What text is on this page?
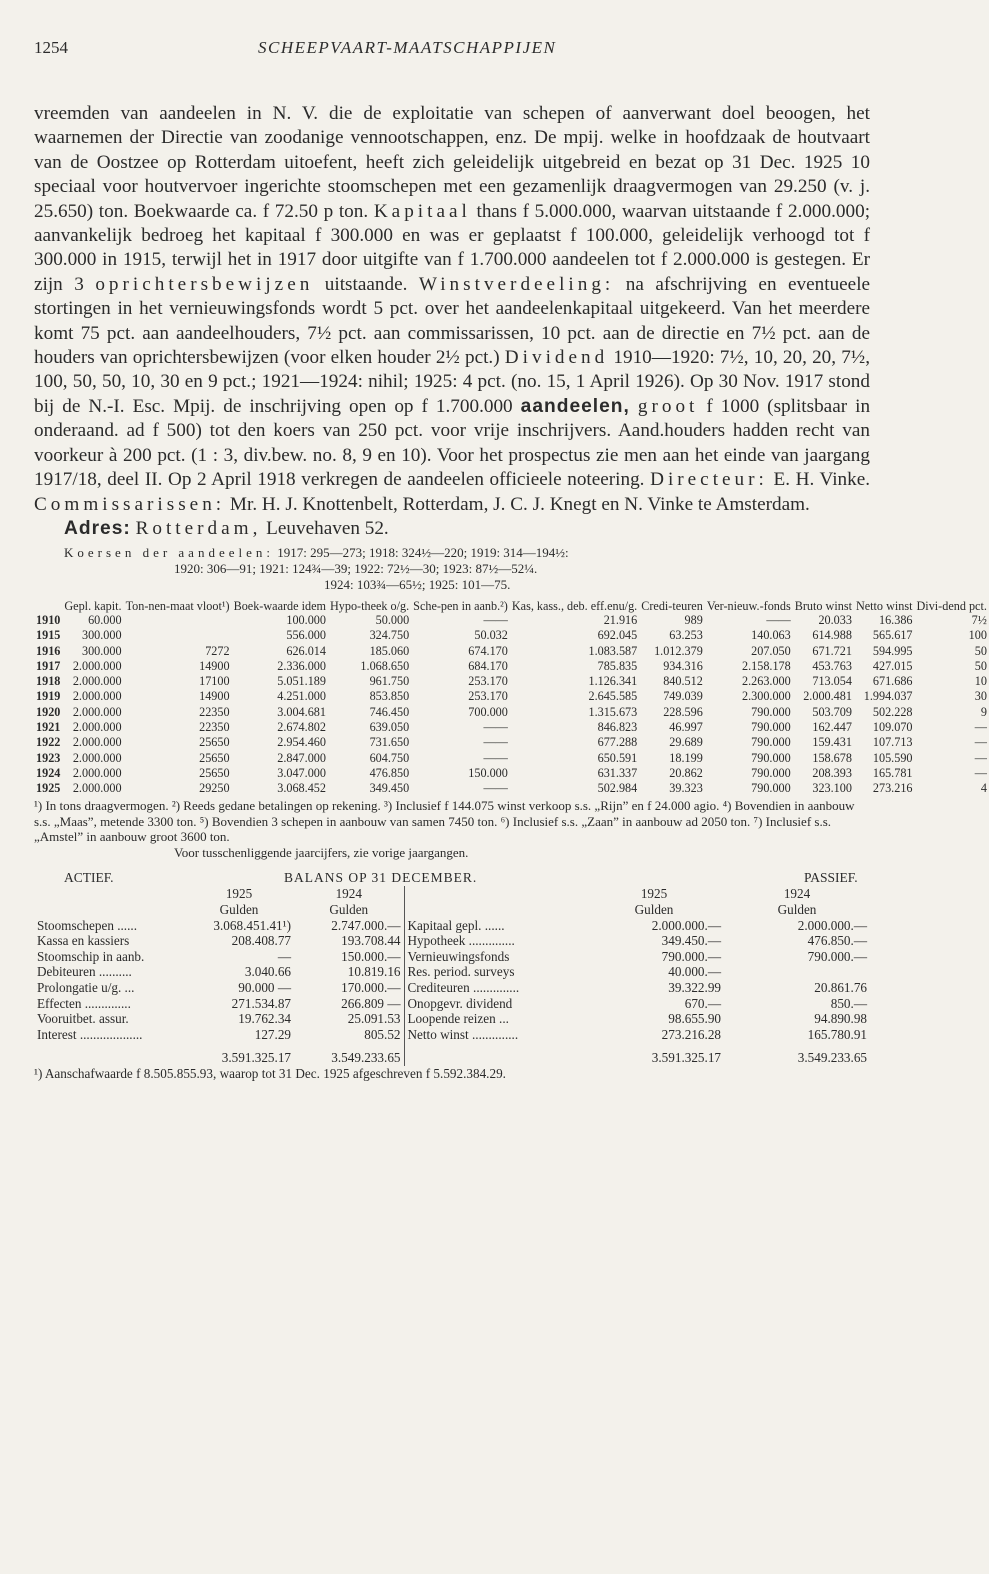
1254	SCHEEPVAART-MAATSCHAPPIJEN

vreemden van aandeelen in N. V. die de exploitatie van schepen of aanverwant doel beoogen, het waarnemen der Directie van zoodanige vennootschappen, enz. De mpij. welke in hoofdzaak de houtvaart van de Oostzee op Rotterdam uitoefent, heeft zich geleidelijk uitgebreid en bezat op 31 Dec. 1925 10 speciaal voor houtvervoer ingerichte stoomschepen met een gezamenlijk draagvermogen van 29.250 (v. j. 25.650) ton. Boekwaarde ca. f 72.50 p ton. Kapitaal thans f 5.000.000, waarvan uitstaande f 2.000.000; aanvankelijk bedroeg het kapitaal f 300.000 en was er geplaatst f 100.000, geleidelijk verhoogd tot f 300.000 in 1915, terwijl het in 1917 door uitgifte van f 1.700.000 aandeelen tot f 2.000.000 is gestegen. Er zijn 3 oprichtersbewijzen uitstaande. Winstverdeeling: na afschrijving en eventueele stortingen in het vernieuwingsfonds wordt 5 pct. over het aandeelenkapitaal uitgekeerd. Van het meerdere komt 75 pct. aan aandeelhouders, 7½ pct. aan commissarissen, 10 pct. aan de directie en 7½ pct. aan de houders van oprichtersbewijzen (voor elken houder 2½ pct.) Dividend 1910—1920: 7½, 10, 20, 20, 7½, 100, 50, 50, 10, 30 en 9 pct.; 1921—1924: nihil; 1925: 4 pct. (no. 15, 1 April 1926). Op 30 Nov. 1917 stond bij de N.-I. Esc. Mpij. de inschrijving open op f 1.700.000 aandeelen, groot f 1000 (splitsbaar in onderaand. ad f 500) tot den koers van 250 pct. voor vrije inschrijvers. Aand.houders hadden recht van voorkeur à 200 pct. (1 : 3, div.bew. no. 8, 9 en 10). Voor het prospectus zie men aan het einde van jaargang 1917/18, deel II. Op 2 April 1918 verkregen de aandeelen officieele noteering. Directeur: E. H. Vinke. Commissarissen: Mr. H. J. Knottenbelt, Rotterdam, J. C. J. Knegt en N. Vinke te Amsterdam.

Adres: Rotterdam, Leuvehaven 52.
Koersen der aandeelen: 1917: 295—273; 1918: 324½—220; 1919: 314—194½:
1920: 306—91; 1921: 124¾—39; 1922: 72½—30; 1923: 87½—52¼.
1924: 103¾—65½; 1925: 101—75.
	Gepl. kapit.	Ton-nen-maat vloot¹)	Boek-waarde idem	Hypo-theek o/g.	Sche-pen in aanb.²)	Kas, kass., deb. eff.enu/g.	Credi-teuren	Ver-nieuw.-fonds	Bruto winst	Netto winst	Divi-dend pct.
1910	60.000		100.000	50.000	——	21.916	989	——	20.033	16.386	7½
1915	300.000		556.000	324.750	50.032	692.045	63.253	140.063	614.988	565.617	100
1916	300.000	7272	626.014	185.060	674.170	1.083.587	1.012.379	207.050	671.721	594.995	50
1917	2.000.000	14900	2.336.000	1.068.650	684.170	785.835	934.316	2.158.178	453.763	427.015	50
1918	2.000.000	17100	5.051.189	961.750	253.170	1.126.341	840.512	2.263.000	713.054	671.686	10
1919	2.000.000	14900	4.251.000	853.850	253.170	2.645.585	749.039	2.300.000	2.000.481	1.994.037	30
1920	2.000.000	22350	3.004.681	746.450	700.000	1.315.673	228.596	790.000	503.709	502.228	9
1921	2.000.000	22350	2.674.802	639.050	——	846.823	46.997	790.000	162.447	109.070	—
1922	2.000.000	25650	2.954.460	731.650	——	677.288	29.689	790.000	159.431	107.713	—
1923	2.000.000	25650	2.847.000	604.750	——	650.591	18.199	790.000	158.678	105.590	—
1924	2.000.000	25650	3.047.000	476.850	150.000	631.337	20.862	790.000	208.393	165.781	—
1925	2.000.000	29250	3.068.452	349.450	——	502.984	39.323	790.000	323.100	273.216	4

¹) In tons draagvermogen. ²) Reeds gedane betalingen op rekening. ³) Inclusief f 144.075 winst verkoop s.s. „Rijn” en f 24.000 agio. ⁴) Bovendien in aanbouw s.s. „Maas”, metende 3300 ton. ⁵) Bovendien 3 schepen in aanbouw van samen 7450 ton. ⁶) Inclusief s.s. „Zaan” in aanbouw ad 2050 ton. ⁷) Inclusief s.s. „Amstel” in aanbouw groot 3600 ton.

Voor tusschenliggende jaarcijfers, zie vorige jaargangen.

ACTIEF.	BALANS OP 31 DECEMBER.	PASSIEF.
	1925	1924		1925	1924
	Gulden	Gulden		Gulden	Gulden
Stoomschepen ......	3.068.451.41¹)	2.747.000.—	Kapitaal gepl. ......	2.000.000.—	2.000.000.—
Kassa en kassiers	208.408.77	193.708.44	Hypotheek ..............	349.450.—	476.850.—
Stoomschip in aanb.	—	150.000.—	Vernieuwingsfonds	790.000.—	790.000.—
Debiteuren ..........	3.040.66	10.819.16	Res. period. surveys	40.000.—	
Prolongatie u/g. ...	90.000 —	170.000.—	Crediteuren ..............	39.322.99	20.861.76
Effecten ..............	271.534.87	266.809 —	Onopgevr. dividend	670.—	850.—
Vooruitbet. assur.	19.762.34	25.091.53	Loopende reizen ...	98.655.90	94.890.98
Interest ...................	127.29	805.52	Netto winst ..............	273.216.28	165.780.91
	3.591.325.17	3.549.233.65		3.591.325.17	3.549.233.65
¹) Aanschafwaarde f 8.505.855.93, waarop tot 31 Dec. 1925 afgeschreven f 5.592.384.29.
